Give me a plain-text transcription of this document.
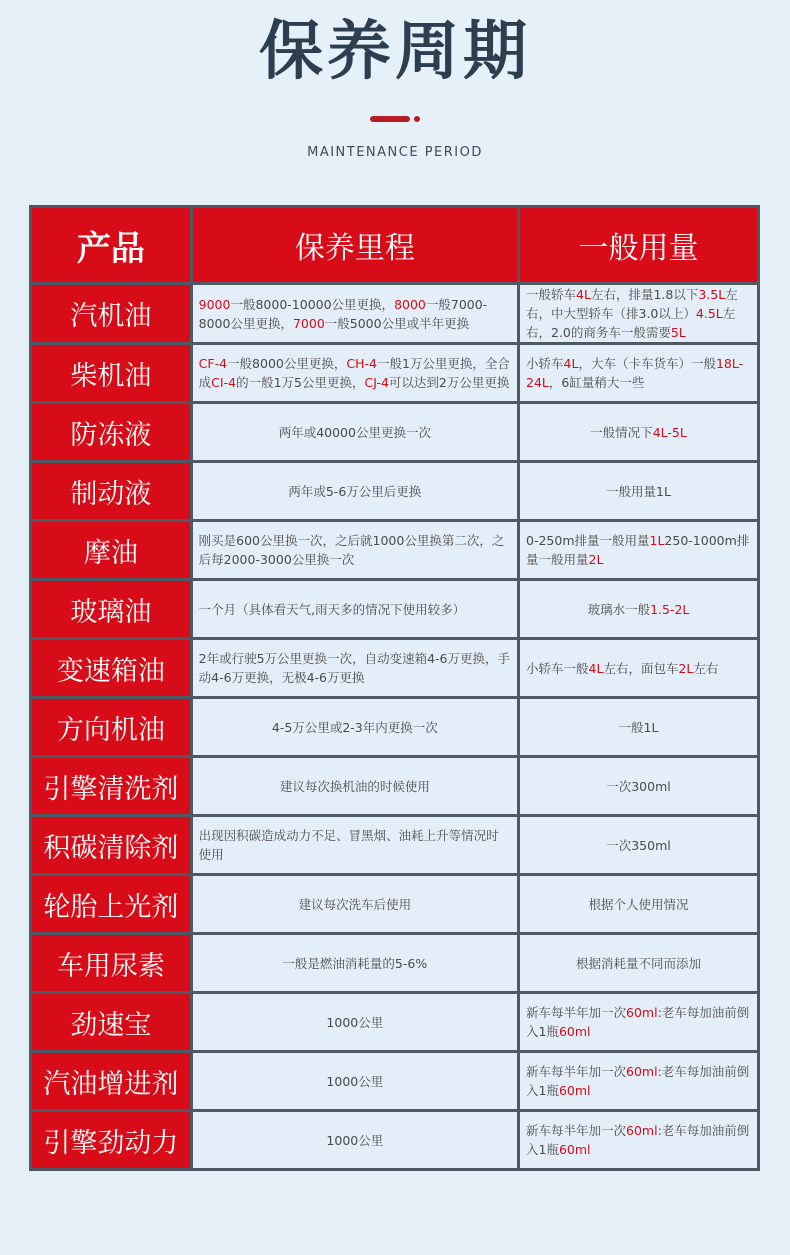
保养周期
MAINTENANCE PERIOD
产品	保养里程	一般用量
汽机油	9000一般8000-10000公里更换，8000一般7000-8000公里更换，7000一般5000公里或半年更换	一般轿车4L左右，排量1.8以下3.5L左右，中大型轿车（排3.0以上）4.5L左右，2.0的商务车一般需要5L

柴机油	CF-4一般8000公里更换，CH-4一般1万公里更换，全合成CI-4的一般1万5公里更换，CJ-4可以达到2万公里更换	小轿车4L，大车（卡车货车）一般18L-24L，6缸量稍大一些

防冻液	两年或40000公里更换一次	一般情况下4L-5L

制动液	两年或5-6万公里后更换	一般用量1L

摩油	刚买是600公里换一次，之后就1000公里换第二次，之后每2000-3000公里换一次	0-250m排量一般用量1L250-1000m排量一般用量2L

玻璃油	一个月（具体看天气,雨天多的情况下使用较多）	玻璃水一般1.5-2L

变速箱油	2年或行驶5万公里更换一次，自动变速箱4-6万更换，手动4-6万更换，无极4-6万更换	小轿车一般4L左右，面包车2L左右

方向机油	4-5万公里或2-3年内更换一次	一般1L

引擎清洗剂	建议每次换机油的时候使用	一次300ml

积碳清除剂	出现因积碳造成动力不足、冒黑烟、油耗上升等情况时使用	一次350ml

轮胎上光剂	建议每次洗车后使用	根据个人使用情况

车用尿素	一般是燃油消耗量的5-6%	根据消耗量不同而添加

劲速宝	1000公里	新车每半年加一次60ml:老车每加油前倒入1瓶60ml

汽油增进剂	1000公里	新车每半年加一次60ml:老车每加油前倒入1瓶60ml

引擎劲动力	1000公里	新车每半年加一次60ml:老车每加油前倒入1瓶60ml
